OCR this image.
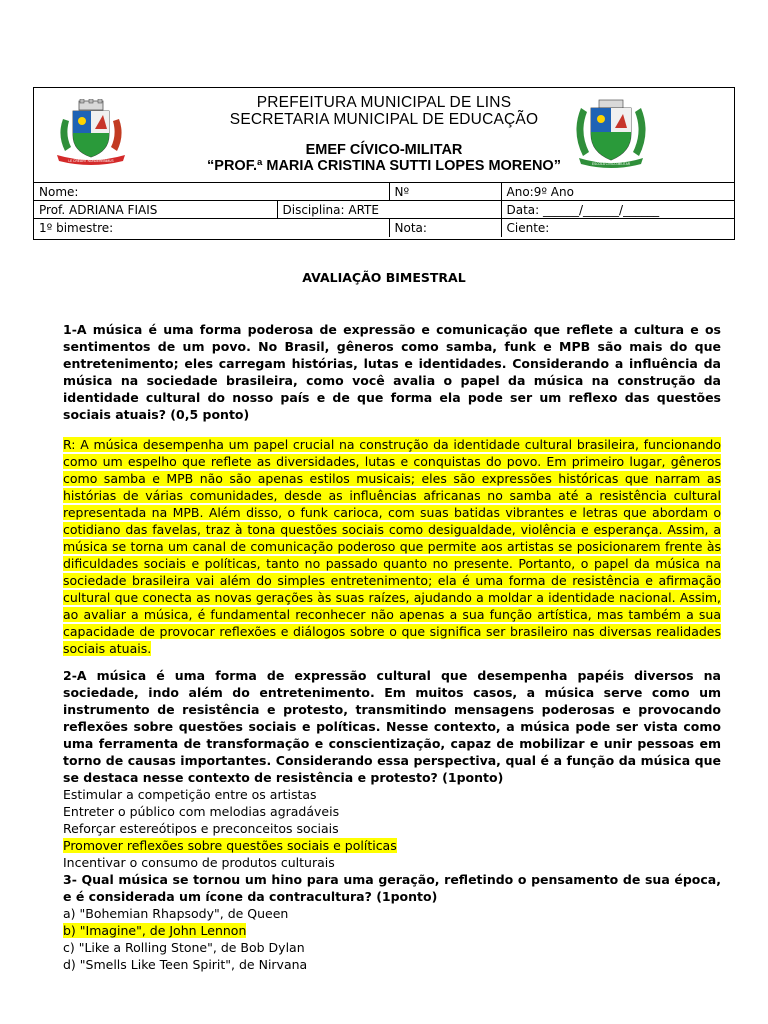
LE CRÉAVIT NONDEREBIMUS
PREFEITURA MUNICIPAL DE LINS
SECRETARIA MUNICIPAL DE EDUCAÇÃO
EMEF CÍVICO-MILITAR
“PROF.ª MARIA CRISTINA SUTTI LOPES MORENO”	ESCOLA CÍVICO-MILITAR
Nome:		Nº	Ano:9º Ano
Prof. ADRIANA FIAIS	Disciplina: ARTE		Data: ______/______/______
1º bimestre:		Nota:	Ciente:
AVALIAÇÃO BIMESTRAL

1-A música é uma forma poderosa de expressão e comunicação que reflete a cultura e os sentimentos de um povo. No Brasil, gêneros como samba, funk e MPB são mais do que entretenimento; eles carregam histórias, lutas e identidades. Considerando a influência da música na sociedade brasileira, como você avalia o papel da música na construção da identidade cultural do nosso país e de que forma ela pode ser um reflexo das questões sociais atuais? (0,5 ponto)

R: A música desempenha um papel crucial na construção da identidade cultural brasileira, funcionando como um espelho que reflete as diversidades, lutas e conquistas do povo. Em primeiro lugar, gêneros como samba e MPB não são apenas estilos musicais; eles são expressões históricas que narram as histórias de várias comunidades, desde as influências africanas no samba até a resistência cultural representada na MPB. Além disso, o funk carioca, com suas batidas vibrantes e letras que abordam o cotidiano das favelas, traz à tona questões sociais como desigualdade, violência e esperança. Assim, a música se torna um canal de comunicação poderoso que permite aos artistas se posicionarem frente às dificuldades sociais e políticas, tanto no passado quanto no presente. Portanto, o papel da música na sociedade brasileira vai além do simples entretenimento; ela é uma forma de resistência e afirmação cultural que conecta as novas gerações às suas raízes, ajudando a moldar a identidade nacional. Assim, ao avaliar a música, é fundamental reconhecer não apenas a sua função artística, mas também a sua capacidade de provocar reflexões e diálogos sobre o que significa ser brasileiro nas diversas realidades sociais atuais.

2-A música é uma forma de expressão cultural que desempenha papéis diversos na sociedade, indo além do entretenimento. Em muitos casos, a música serve como um instrumento de resistência e protesto, transmitindo mensagens poderosas e provocando reflexões sobre questões sociais e políticas. Nesse contexto, a música pode ser vista como uma ferramenta de transformação e conscientização, capaz de mobilizar e unir pessoas em torno de causas importantes. Considerando essa perspectiva, qual é a função da música que se destaca nesse contexto de resistência e protesto? (1ponto)

Estimular a competição entre os artistas

Entreter o público com melodias agradáveis

Reforçar estereótipos e preconceitos sociais

Promover reflexões sobre questões sociais e políticas

Incentivar o consumo de produtos culturais

3- Qual música se tornou um hino para uma geração, refletindo o pensamento de sua época, e é considerada um ícone da contracultura? (1ponto)

a) "Bohemian Rhapsody", de Queen

b) "Imagine", de John Lennon

c) "Like a Rolling Stone", de Bob Dylan

d) "Smells Like Teen Spirit", de Nirvana
